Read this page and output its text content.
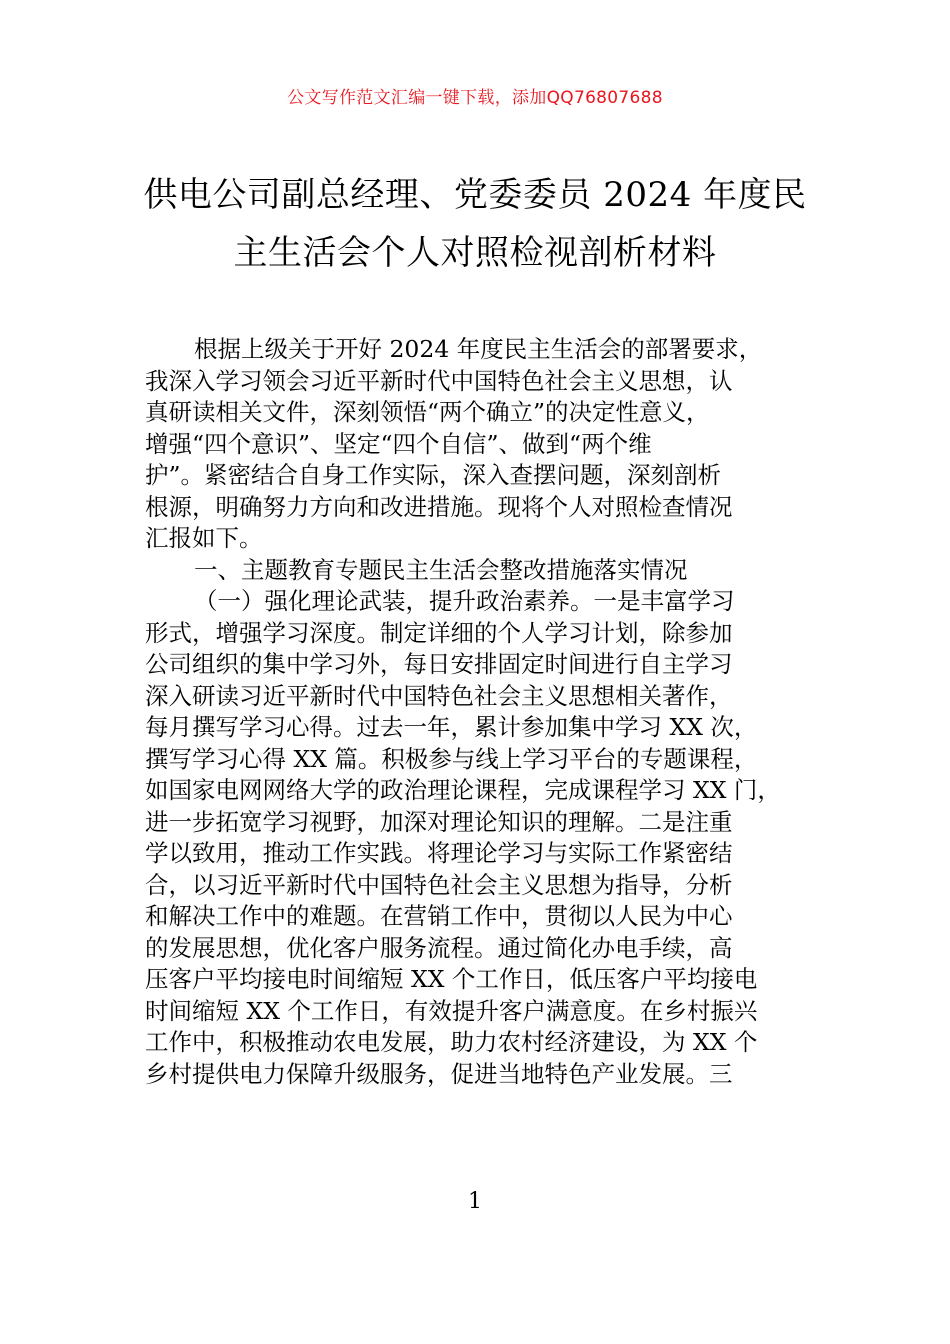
公文写作范文汇编一键下载，添加QQ76807688
供电公司副总经理、党委委员 2024 年度民
主生活会个人对照检视剖析材料
根据上级关于开好 2024 年度民主生活会的部署要求，
我深入学习领会习近平新时代中国特色社会主义思想，认
真研读相关文件，深刻领悟“两个确立”的决定性意义，
增强“四个意识”、坚定“四个自信”、做到“两个维
护”。紧密结合自身工作实际，深入查摆问题，深刻剖析
根源，明确努力方向和改进措施。现将个人对照检查情况
汇报如下。
一、主题教育专题民主生活会整改措施落实情况
（一）强化理论武装，提升政治素养。一是丰富学习
形式，增强学习深度。制定详细的个人学习计划，除参加
公司组织的集中学习外，每日安排固定时间进行自主学习
深入研读习近平新时代中国特色社会主义思想相关著作，
每月撰写学习心得。过去一年，累计参加集中学习 XX 次，
撰写学习心得 XX 篇。积极参与线上学习平台的专题课程，
如国家电网网络大学的政治理论课程，完成课程学习 XX 门，
进一步拓宽学习视野，加深对理论知识的理解。二是注重
学以致用，推动工作实践。将理论学习与实际工作紧密结
合，以习近平新时代中国特色社会主义思想为指导，分析
和解决工作中的难题。在营销工作中，贯彻以人民为中心
的发展思想，优化客户服务流程。通过简化办电手续，高
压客户平均接电时间缩短 XX 个工作日，低压客户平均接电
时间缩短 XX 个工作日，有效提升客户满意度。在乡村振兴
工作中，积极推动农电发展，助力农村经济建设，为 XX 个
乡村提供电力保障升级服务，促进当地特色产业发展。三
1
